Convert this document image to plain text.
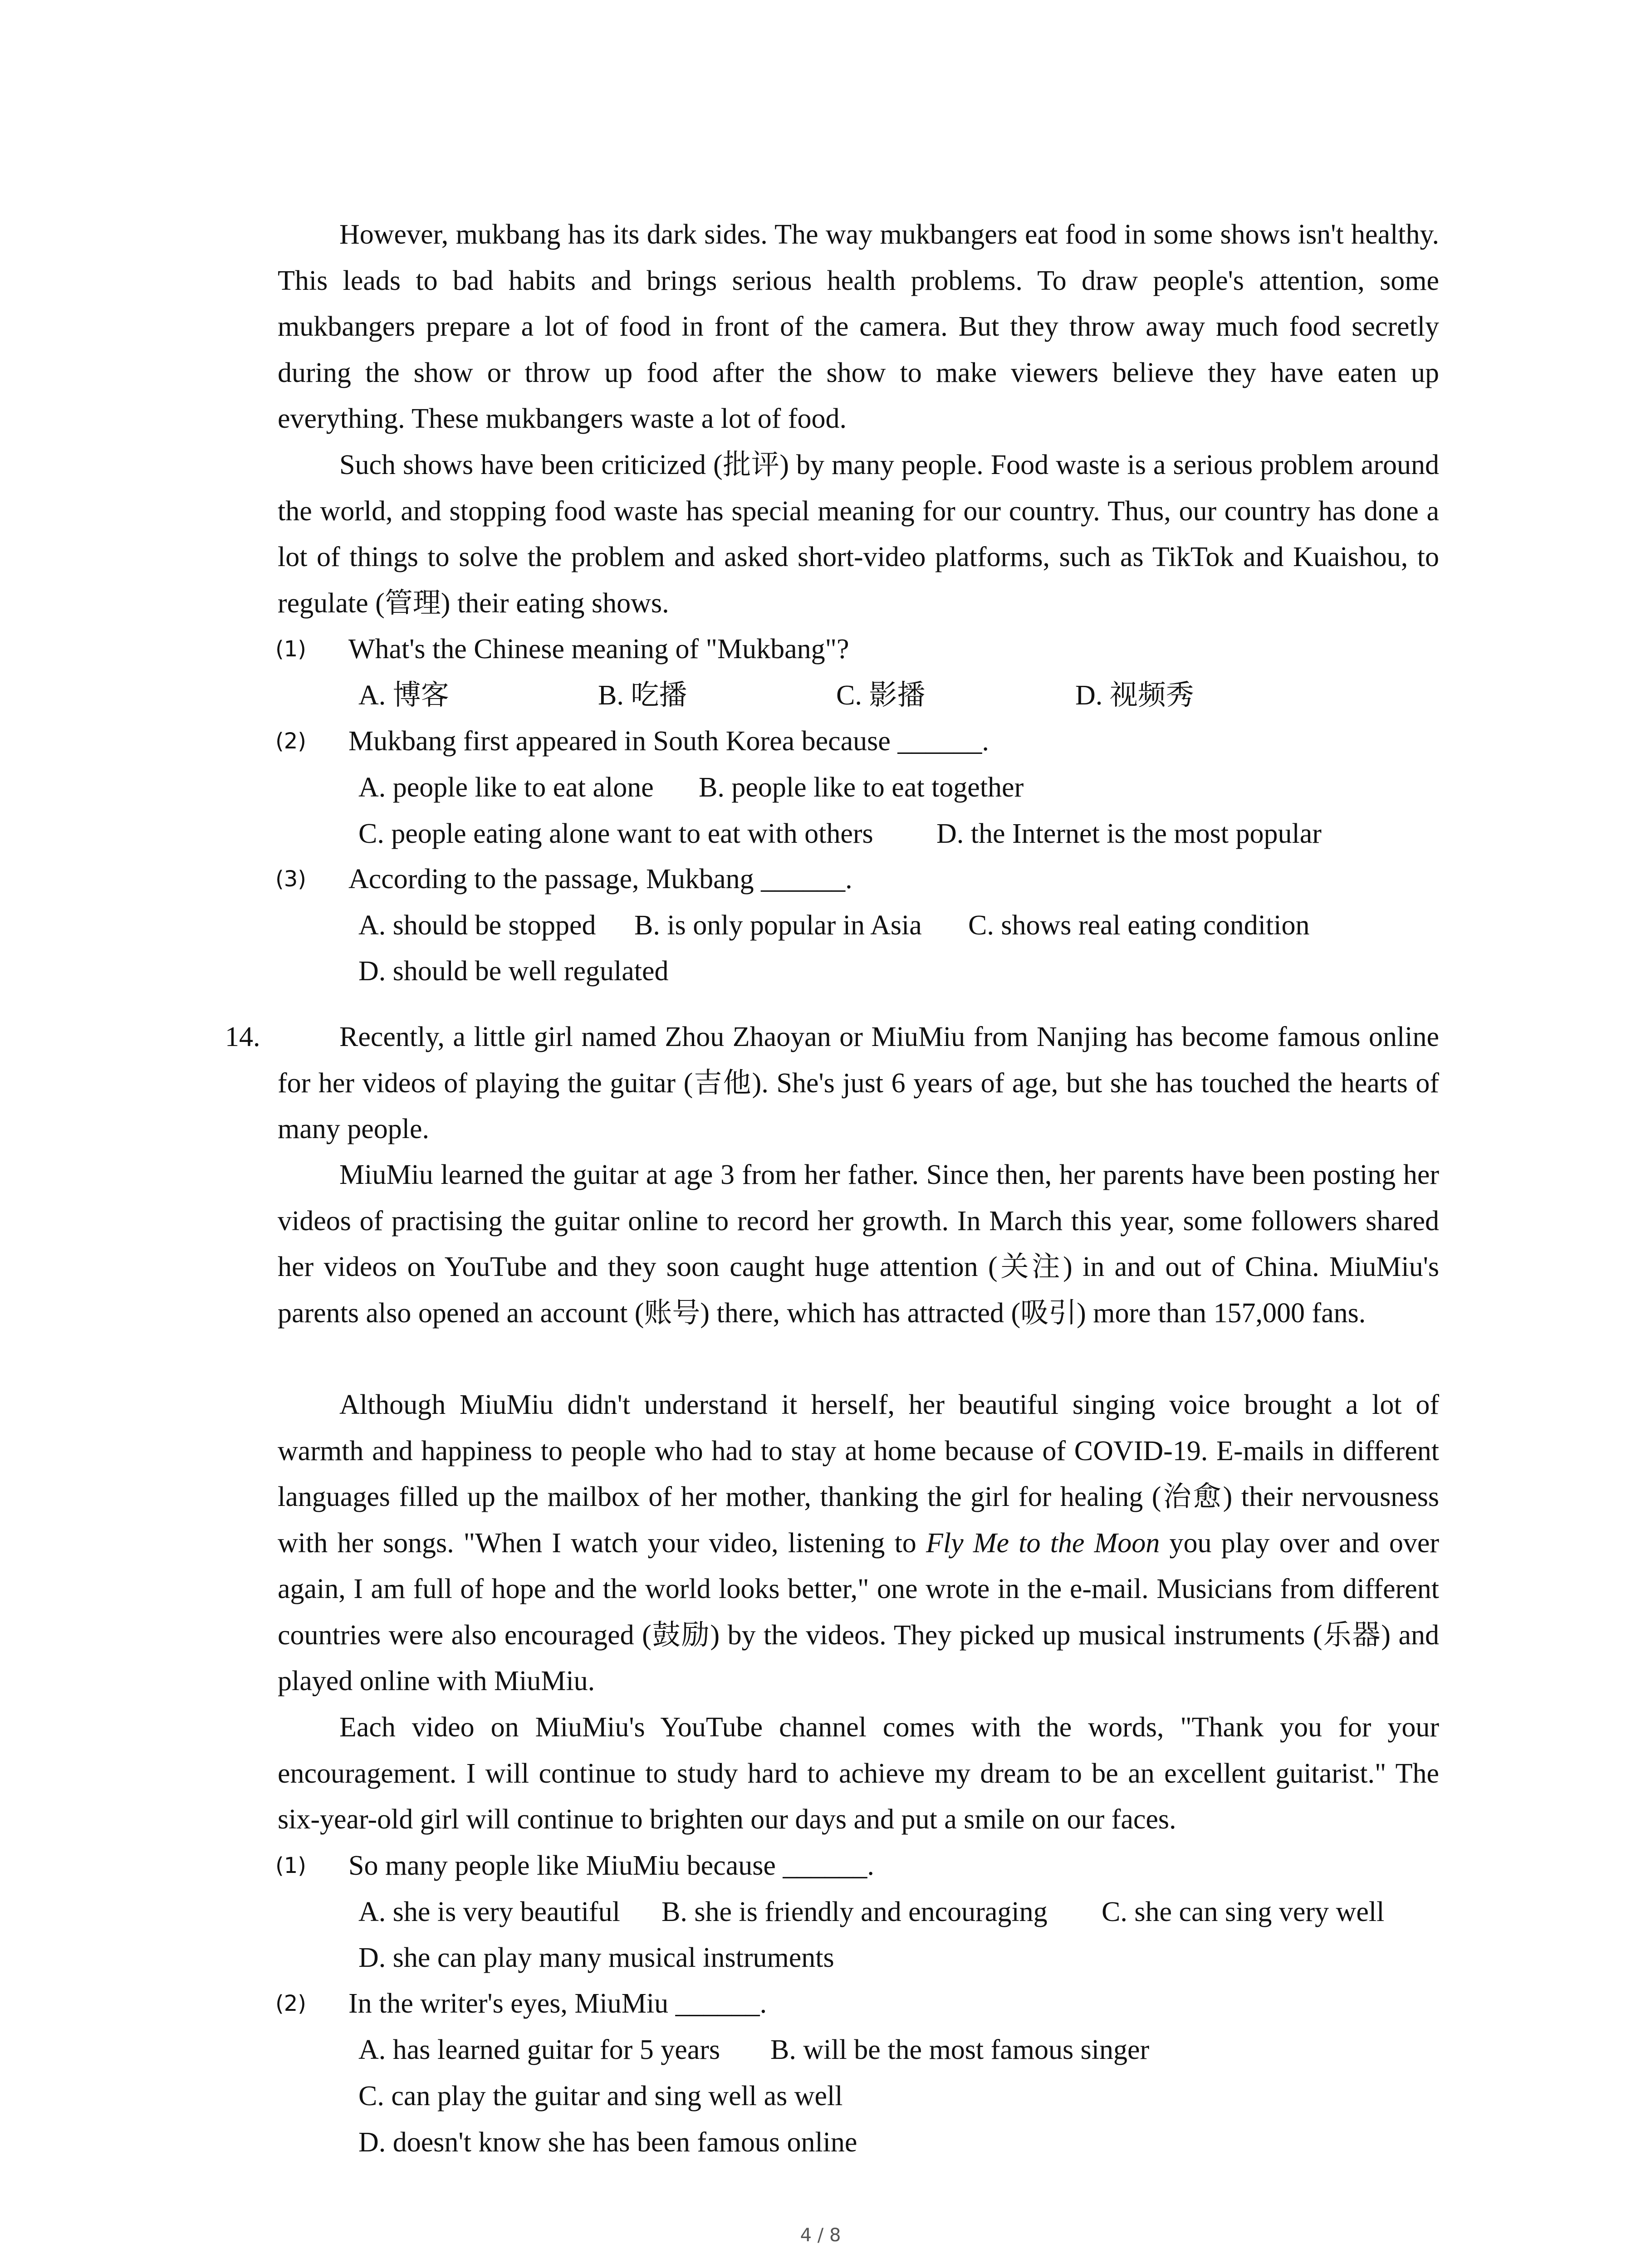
However, mukbang has its dark sides. The way mukbangers eat food in some shows isn't healthy. This leads to bad habits and brings serious health problems. To draw people's attention, some mukbangers prepare a lot of food in front of the camera. But they throw away much food secretly during the show or throw up food after the show to make viewers believe they have eaten up everything. These mukbangers waste a lot of food.

Such shows have been criticized (批评) by many people. Food waste is a serious problem around the world, and stopping food waste has special meaning for our country. Thus, our country has done a lot of things to solve the problem and asked short-video platforms, such as TikTok and Kuaishou, to regulate (管理) their eating shows.

(1) What's the Chinese meaning of "Mukbang"?
A. 博客	B. 吃播	C. 影播	D. 视频秀
(2) Mukbang first appeared in South Korea because ______.
A. people like to eat alone B. people like to eat together
C. people eating alone want to eat with others D. the Internet is the most popular
(3) According to the passage, Mukbang ______.
A. should be stopped B. is only popular in Asia C. shows real eating condition
D. should be well regulated
14.	Recently, a little girl named Zhou Zhaoyan or MiuMiu from Nanjing has become famous online for her videos of playing the guitar (吉他). She's just 6 years of age, but she has touched the hearts of many people.

MiuMiu learned the guitar at age 3 from her father. Since then, her parents have been posting her videos of practising the guitar online to record her growth. In March this year, some followers shared her videos on YouTube and they soon caught huge attention (关注) in and out of China. MiuMiu's parents also opened an account (账号) there, which has attracted (吸引) more than 157,000 fans.

Although MiuMiu didn't understand it herself, her beautiful singing voice brought a lot of warmth and happiness to people who had to stay at home because of COVID-19. E-mails in different languages filled up the mailbox of her mother, thanking the girl for healing (治愈) their nervousness with her songs. "When I watch your video, listening to Fly Me to the Moon you play over and over again, I am full of hope and the world looks better," one wrote in the e-mail. Musicians from different countries were also encouraged (鼓励) by the videos. They picked up musical instruments (乐器) and played online with MiuMiu.

Each video on MiuMiu's YouTube channel comes with the words, "Thank you for your encouragement. I will continue to study hard to achieve my dream to be an excellent guitarist." The six-year-old girl will continue to brighten our days and put a smile on our faces.

(1) So many people like MiuMiu because ______.
A. she is very beautiful B. she is friendly and encouraging C. she can sing very well
D. she can play many musical instruments
(2) In the writer's eyes, MiuMiu ______.
A. has learned guitar for 5 years B. will be the most famous singer
C. can play the guitar and sing well as well
D. doesn't know she has been famous online
4 / 8
